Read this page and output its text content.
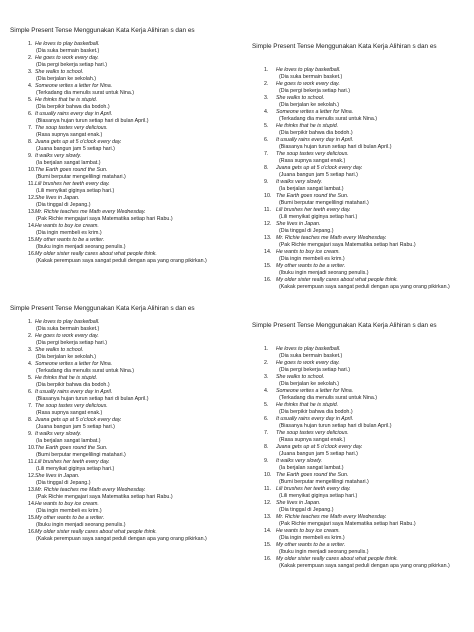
Simple Present Tense Menggunakan Kata Kerja Alihiran s dan es
1. He loves to play basketball.
(Dia suka bermain basket.)
2. He goes to work every day.
(Dia pergi bekerja setiap hari.)
3. She walks to school.
(Dia berjalan ke sekolah.)
4. Someone writes a letter for Nina.
(Terkadang dia menulis surat untuk Nina.)
5. He thinks that he is stupid.
(Dia berpikir bahwa dia bodoh.)
6. It usually rains every day in April.
(Biasanya hujan turun setiap hari di bulan April.)
7. The soup tastes very delicious.
(Rasa supnya sangat enak.)
8. Juana gets up at 5 o'clock every day.
(Juana bangun jam 5 setiap hari.)
9. It walks very slowly.
(Ia berjalan sangat lambat.)
10.The Earth goes round the Sun.
(Bumi berputar mengelilingi matahari.)
11.Lili brushes her teeth every day.
(Lili menyikat giginya setiap hari.)
12.She lives in Japan.
(Dia tinggal di Jepang.)
13.Mr. Richie teaches me Math every Wednesday.
(Pak Richie mengajari saya Matematika setiap hari Rabu.)
14.He wants to buy ice cream.
(Dia ingin membeli es krim.)
15.My other wants to be a writer.
(Ibuku ingin menjadi seorang penulis.)
16.My older sister really cares about what people think.
(Kakak perempuan saya sangat peduli dengan apa yang orang pikirkan.)
Simple Present Tense Menggunakan Kata Kerja Alihiran s dan es
1. He loves to play basketball.
(Dia suka bermain basket.)
2. He goes to work every day.
(Dia pergi bekerja setiap hari.)
3. She walks to school.
(Dia berjalan ke sekolah.)
4. Someone writes a letter for Nina.
(Terkadang dia menulis surat untuk Nina.)
5. He thinks that he is stupid.
(Dia berpikir bahwa dia bodoh.)
6. It usually rains every day in April.
(Biasanya hujan turun setiap hari di bulan April.)
7. The soup tastes very delicious.
(Rasa supnya sangat enak.)
8. Juana gets up at 5 o'clock every day.
(Juana bangun jam 5 setiap hari.)
9. It walks very slowly.
(Ia berjalan sangat lambat.)
10. The Earth goes round the Sun.
(Bumi berputar mengelilingi matahari.)
11. Lili brushes her teeth every day.
(Lili menyikat giginya setiap hari.)
12. She lives in Japan.
(Dia tinggal di Jepang.)
13. Mr. Richie teaches me Math every Wednesday.
(Pak Richie mengajari saya Matematika setiap hari Rabu.)
14. He wants to buy ice cream.
(Dia ingin membeli es krim.)
15. My other wants to be a writer.
(Ibuku ingin menjadi seorang penulis.)
16. My older sister really cares about what people think.
(Kakak perempuan saya sangat peduli dengan apa yang orang pikirkan.)
Simple Present Tense Menggunakan Kata Kerja Alihiran s dan es
1. He loves to play basketball.
(Dia suka bermain basket.)
2. He goes to work every day.
(Dia pergi bekerja setiap hari.)
3. She walks to school.
(Dia berjalan ke sekolah.)
4. Someone writes a letter for Nina.
(Terkadang dia menulis surat untuk Nina.)
5. He thinks that he is stupid.
(Dia berpikir bahwa dia bodoh.)
6. It usually rains every day in April.
(Biasanya hujan turun setiap hari di bulan April.)
7. The soup tastes very delicious.
(Rasa supnya sangat enak.)
8. Juana gets up at 5 o'clock every day.
(Juana bangun jam 5 setiap hari.)
9. It walks very slowly.
(Ia berjalan sangat lambat.)
10.The Earth goes round the Sun.
(Bumi berputar mengelilingi matahari.)
11.Lili brushes her teeth every day.
(Lili menyikat giginya setiap hari.)
12.She lives in Japan.
(Dia tinggal di Jepang.)
13.Mr. Richie teaches me Math every Wednesday.
(Pak Richie mengajari saya Matematika setiap hari Rabu.)
14.He wants to buy ice cream.
(Dia ingin membeli es krim.)
15.My other wants to be a writer.
(Ibuku ingin menjadi seorang penulis.)
16.My older sister really cares about what people think.
(Kakak perempuan saya sangat peduli dengan apa yang orang pikirkan.)
Simple Present Tense Menggunakan Kata Kerja Alihiran s dan es
1. He loves to play basketball.
(Dia suka bermain basket.)
2. He goes to work every day.
(Dia pergi bekerja setiap hari.)
3. She walks to school.
(Dia berjalan ke sekolah.)
4. Someone writes a letter for Nina.
(Terkadang dia menulis surat untuk Nina.)
5. He thinks that he is stupid.
(Dia berpikir bahwa dia bodoh.)
6. It usually rains every day in April.
(Biasanya hujan turun setiap hari di bulan April.)
7. The soup tastes very delicious.
(Rasa supnya sangat enak.)
8. Juana gets up at 5 o'clock every day.
(Juana bangun jam 5 setiap hari.)
9. It walks very slowly.
(Ia berjalan sangat lambat.)
10. The Earth goes round the Sun.
(Bumi berputar mengelilingi matahari.)
11. Lili brushes her teeth every day.
(Lili menyikat giginya setiap hari.)
12. She lives in Japan.
(Dia tinggal di Jepang.)
13. Mr. Richie teaches me Math every Wednesday.
(Pak Richie mengajari saya Matematika setiap hari Rabu.)
14. He wants to buy ice cream.
(Dia ingin membeli es krim.)
15. My other wants to be a writer.
(Ibuku ingin menjadi seorang penulis.)
16. My older sister really cares about what people think.
(Kakak perempuan saya sangat peduli dengan apa yang orang pikirkan.)
